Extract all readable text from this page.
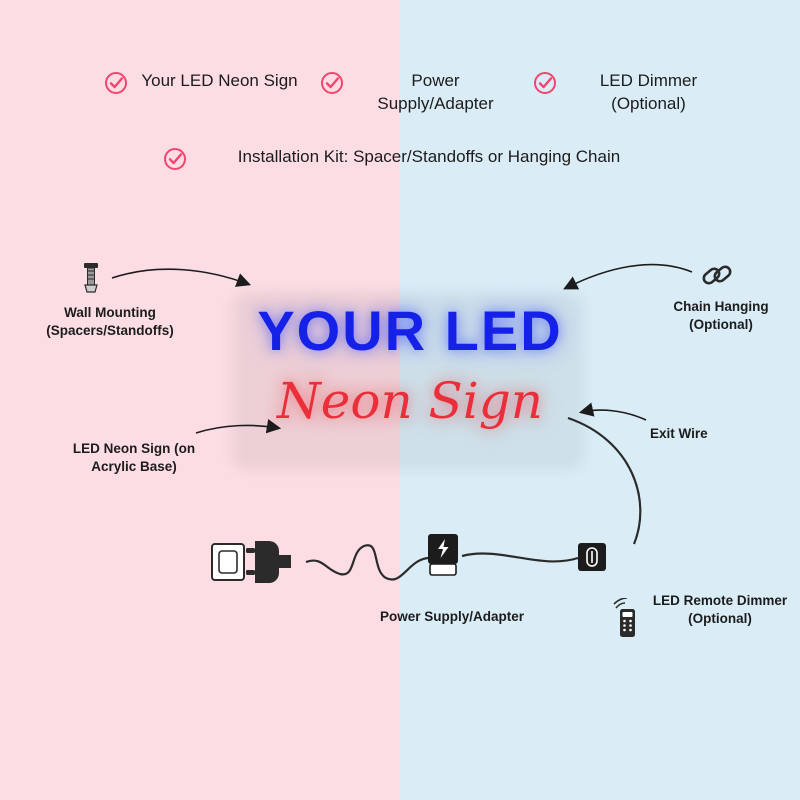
Your LED Neon Sign	Power Supply/Adapter
LED Dimmer (Optional)
Installation Kit: Spacer/Standoffs or Hanging Chain
YOUR LED
Neon Sign
Wall Mounting (Spacers/Standoffs)
Chain Hanging (Optional)
LED Neon Sign (on Acrylic Base)
Exit Wire
Power Supply/Adapter
LED Remote Dimmer (Optional)
